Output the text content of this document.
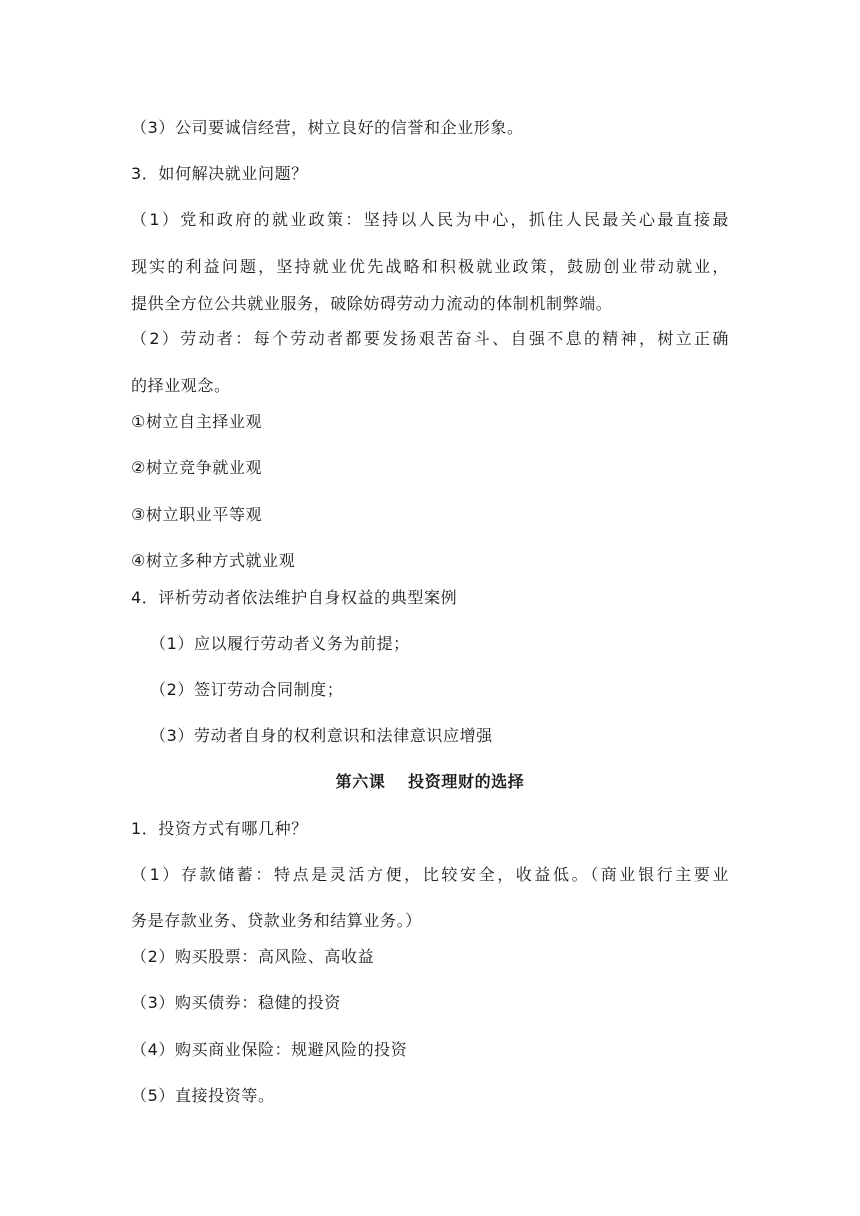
（3）公司要诚信经营，树立良好的信誉和企业形象。
3．如何解决就业问题？
（1）党和政府的就业政策：坚持以人民为中心，抓住人民最关心最直接最
现实的利益问题，坚持就业优先战略和积极就业政策，鼓励创业带动就业，
提供全方位公共就业服务，破除妨碍劳动力流动的体制机制弊端。
（2）劳动者：每个劳动者都要发扬艰苦奋斗、自强不息的精神，树立正确
的择业观念。
①树立自主择业观
②树立竞争就业观
③树立职业平等观
④树立多种方式就业观
4．评析劳动者依法维护自身权益的典型案例
（1）应以履行劳动者义务为前提；
（2）签订劳动合同制度；
（3）劳动者自身的权利意识和法律意识应增强
第六课　 投资理财的选择
1．投资方式有哪几种？
（1）存款储蓄：特点是灵活方便，比较安全，收益低。（商业银行主要业
务是存款业务、贷款业务和结算业务。）
（2）购买股票：高风险、高收益
（3）购买债券：稳健的投资
（4）购买商业保险：规避风险的投资
（5）直接投资等。
